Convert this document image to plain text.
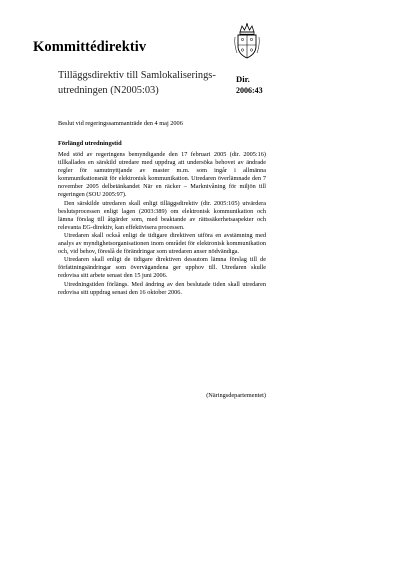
Kommittédirektiv
Tilläggsdirektiv till Samlokaliserings-utredningen (N2005:03)
Dir.
2006:43
Beslut vid regeringssammanträde den 4 maj 2006
Förlängd utredningstid

Med stöd av regeringens bemyndigande den 17 februari 2005 (dir. 2005:16) tillkallades en särskild utredare med uppdrag att undersöka behovet av ändrade regler för samutnyttjande av master m.m. som ingår i allmänna kommunikationsnät för elektronisk kommunikation. Utredaren överlämnade den 7 november 2005 delbetänkandet När en räcker – Marknivåning för miljön till regeringen (SOU 2005:97).

Den särskilde utredaren skall enligt tilläggsdirektiv (dir. 2005:105) utvärdera beslutsprocessen enligt lagen (2003:389) om elektronisk kommunikation och lämna förslag till åtgärder som, med beaktande av rättssäkerhetsaspekter och relevanta EG-direktiv, kan effektivisera processen.

Utredaren skall också enligt de tidigare direktiven utföra en avstämning med analys av myndighetsorganisationen inom området för elektronisk kommunikation och, vid behov, föreslå de förändringar som utredaren anser nödvändiga.

Utredaren skall enligt de tidigare direktiven dessutom lämna förslag till de författningsändringar som övervägandena ger upphov till. Utredaren skulle redovisa sitt arbete senast den 15 juni 2006.

Utredningstiden förlängs. Med ändring av den beslutade tiden skall utredaren redovisa sitt uppdrag senast den 16 oktober 2006.

(Näringsdepartementet)
